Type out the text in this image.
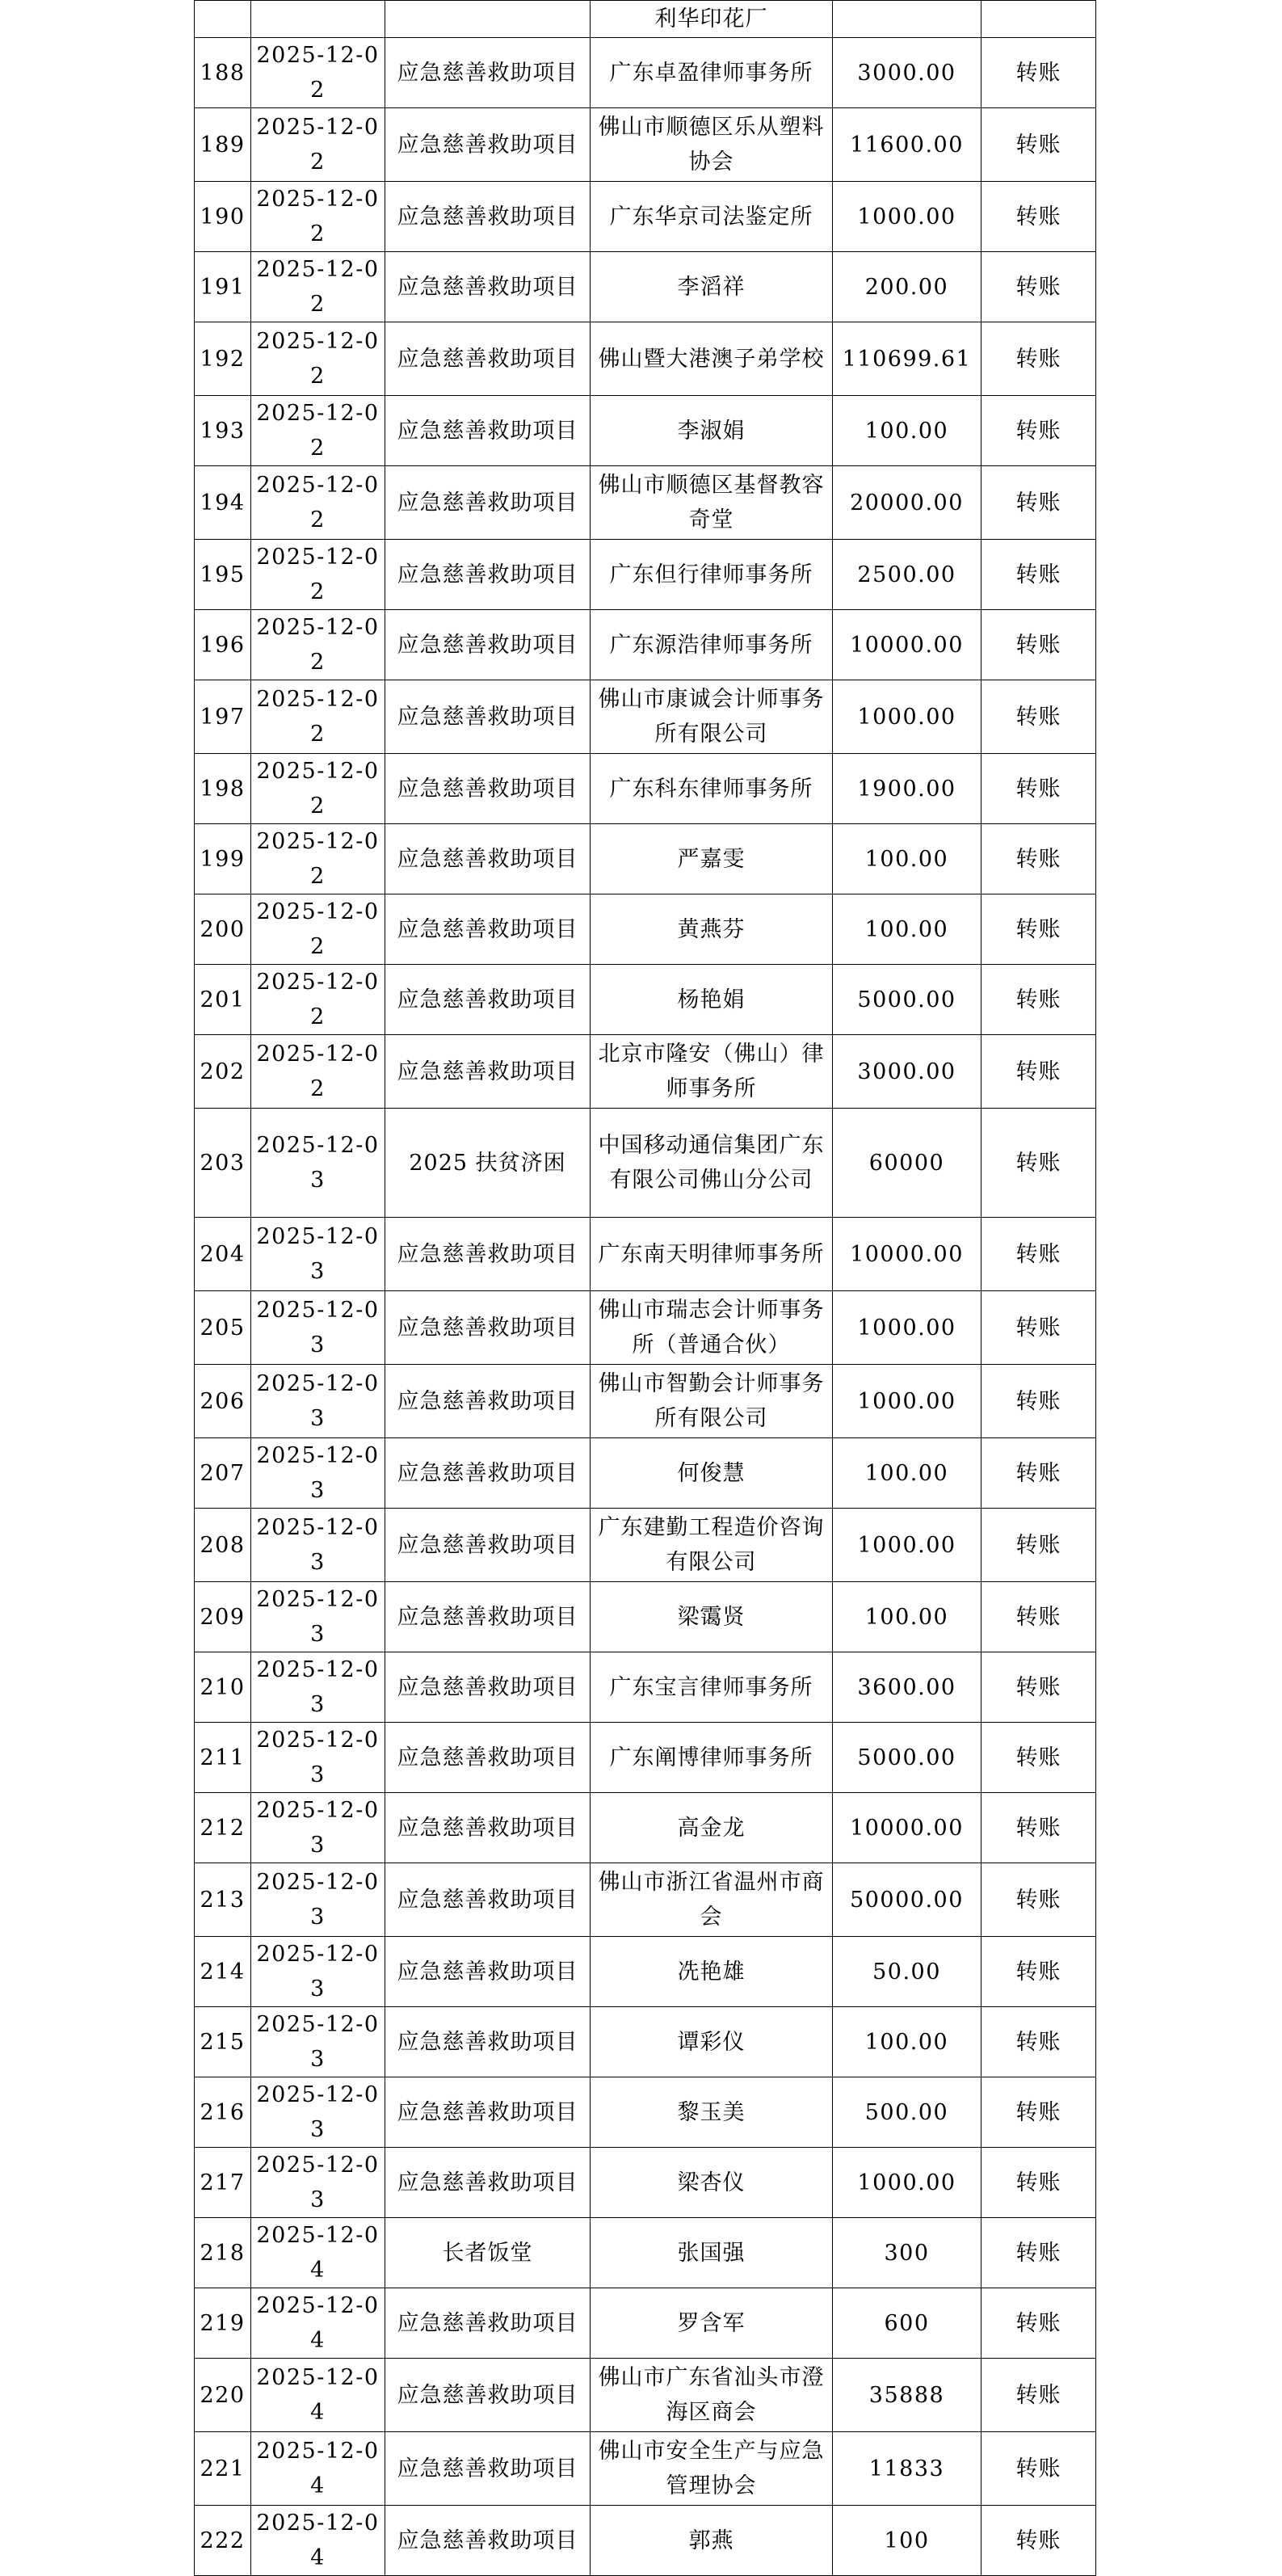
			利华印花厂		
188	2025-12-02	应急慈善救助项目	广东卓盈律师事务所	3000.00	转账
189	2025-12-02	应急慈善救助项目	佛山市顺德区乐从塑料协会	11600.00	转账
190	2025-12-02	应急慈善救助项目	广东华京司法鉴定所	1000.00	转账
191	2025-12-02	应急慈善救助项目	李滔祥	200.00	转账
192	2025-12-02	应急慈善救助项目	佛山暨大港澳子弟学校	110699.61	转账
193	2025-12-02	应急慈善救助项目	李淑娟	100.00	转账
194	2025-12-02	应急慈善救助项目	佛山市顺德区基督教容奇堂	20000.00	转账
195	2025-12-02	应急慈善救助项目	广东但行律师事务所	2500.00	转账
196	2025-12-02	应急慈善救助项目	广东源浩律师事务所	10000.00	转账
197	2025-12-02	应急慈善救助项目	佛山市康诚会计师事务所有限公司	1000.00	转账
198	2025-12-02	应急慈善救助项目	广东科东律师事务所	1900.00	转账
199	2025-12-02	应急慈善救助项目	严嘉雯	100.00	转账
200	2025-12-02	应急慈善救助项目	黄燕芬	100.00	转账
201	2025-12-02	应急慈善救助项目	杨艳娟	5000.00	转账
202	2025-12-02	应急慈善救助项目	北京市隆安（佛山）律师事务所	3000.00	转账
203	2025-12-03	2025 扶贫济困	中国移动通信集团广东有限公司佛山分公司	60000	转账
204	2025-12-03	应急慈善救助项目	广东南天明律师事务所	10000.00	转账
205	2025-12-03	应急慈善救助项目	佛山市瑞志会计师事务所（普通合伙）	1000.00	转账
206	2025-12-03	应急慈善救助项目	佛山市智勤会计师事务所有限公司	1000.00	转账
207	2025-12-03	应急慈善救助项目	何俊慧	100.00	转账
208	2025-12-03	应急慈善救助项目	广东建勤工程造价咨询有限公司	1000.00	转账
209	2025-12-03	应急慈善救助项目	梁霭贤	100.00	转账
210	2025-12-03	应急慈善救助项目	广东宝言律师事务所	3600.00	转账
211	2025-12-03	应急慈善救助项目	广东阐博律师事务所	5000.00	转账
212	2025-12-03	应急慈善救助项目	高金龙	10000.00	转账
213	2025-12-03	应急慈善救助项目	佛山市浙江省温州市商会	50000.00	转账
214	2025-12-03	应急慈善救助项目	冼艳雄	50.00	转账
215	2025-12-03	应急慈善救助项目	谭彩仪	100.00	转账
216	2025-12-03	应急慈善救助项目	黎玉美	500.00	转账
217	2025-12-03	应急慈善救助项目	梁杏仪	1000.00	转账
218	2025-12-04	长者饭堂	张国强	300	转账
219	2025-12-04	应急慈善救助项目	罗含军	600	转账
220	2025-12-04	应急慈善救助项目	佛山市广东省汕头市澄海区商会	35888	转账
221	2025-12-04	应急慈善救助项目	佛山市安全生产与应急管理协会	11833	转账
222	2025-12-04	应急慈善救助项目	郭燕	100	转账
